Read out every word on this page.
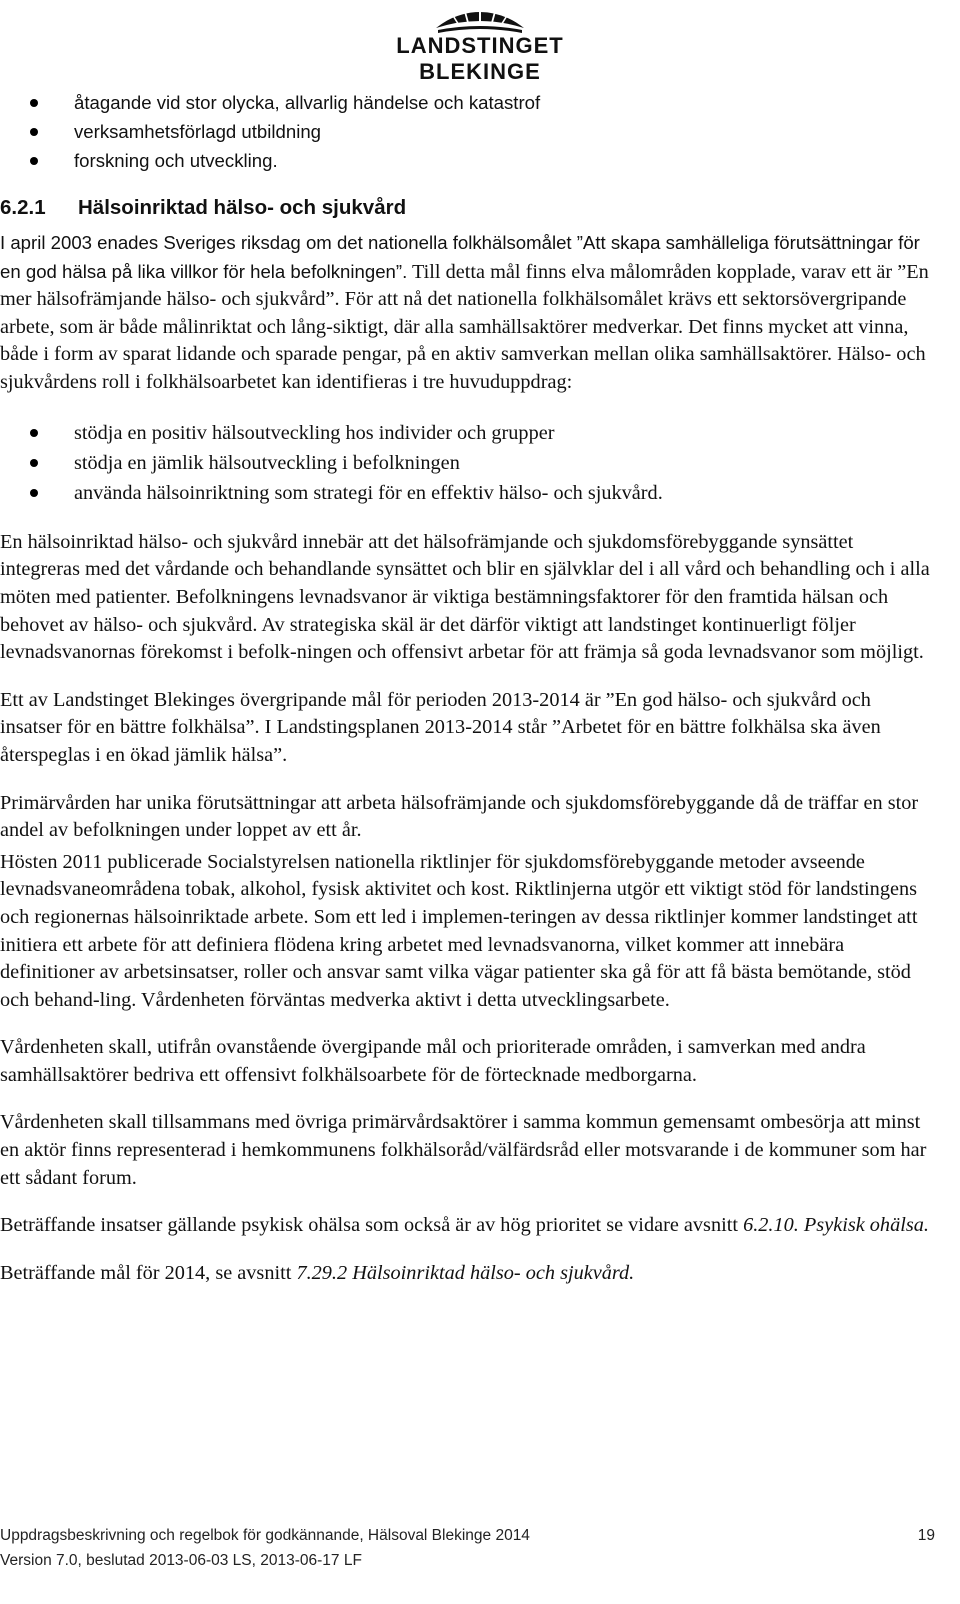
LANDSTINGET BLEKINGE
åtagande vid stor olycka, allvarlig händelse och katastrof
verksamhetsförlagd utbildning
forskning och utveckling.
6.2.1 Hälsoinriktad hälso- och sjukvård

I april 2003 enades Sveriges riksdag om det nationella folkhälsomålet ”Att skapa samhälleliga förutsättningar för en god hälsa på lika villkor för hela befolkningen”. Till detta mål finns elva målområden kopplade, varav ett är ”En mer hälsofrämjande hälso- och sjukvård”. För att nå det nationella folkhälsomålet krävs ett sektorsövergripande arbete, som är både målinriktat och lång-siktigt, där alla samhällsaktörer medverkar. Det finns mycket att vinna, både i form av sparat lidande och sparade pengar, på en aktiv samverkan mellan olika samhällsaktörer. Hälso- och sjukvårdens roll i folkhälsoarbetet kan identifieras i tre huvuduppdrag:

stödja en positiv hälsoutveckling hos individer och grupper
stödja en jämlik hälsoutveckling i befolkningen
använda hälsoinriktning som strategi för en effektiv hälso- och sjukvård.

En hälsoinriktad hälso- och sjukvård innebär att det hälsofrämjande och sjukdomsförebyggande synsättet integreras med det vårdande och behandlande synsättet och blir en självklar del i all vård och behandling och i alla möten med patienter. Befolkningens levnadsvanor är viktiga bestämningsfaktorer för den framtida hälsan och behovet av hälso- och sjukvård. Av strategiska skäl är det därför viktigt att landstinget kontinuerligt följer levnadsvanornas förekomst i befolk-ningen och offensivt arbetar för att främja så goda levnadsvanor som möjligt.

Ett av Landstinget Blekinges övergripande mål för perioden 2013-2014 är ”En god hälso- och sjukvård och insatser för en bättre folkhälsa”. I Landstingsplanen 2013-2014 står ”Arbetet för en bättre folkhälsa ska även återspeglas i en ökad jämlik hälsa”.

Primärvården har unika förutsättningar att arbeta hälsofrämjande och sjukdomsförebyggande då de träffar en stor andel av befolkningen under loppet av ett år.

Hösten 2011 publicerade Socialstyrelsen nationella riktlinjer för sjukdomsförebyggande metoder avseende levnadsvaneområdena tobak, alkohol, fysisk aktivitet och kost. Riktlinjerna utgör ett viktigt stöd för landstingens och regionernas hälsoinriktade arbete. Som ett led i implemen-teringen av dessa riktlinjer kommer landstinget att initiera ett arbete för att definiera flödena kring arbetet med levnadsvanorna, vilket kommer att innebära definitioner av arbetsinsatser, roller och ansvar samt vilka vägar patienter ska gå för att få bästa bemötande, stöd och behand-ling. Vårdenheten förväntas medverka aktivt i detta utvecklingsarbete.

Vårdenheten skall, utifrån ovanstående övergipande mål och prioriterade områden, i samverkan med andra samhällsaktörer bedriva ett offensivt folkhälsoarbete för de förtecknade medborgarna.

Vårdenheten skall tillsammans med övriga primärvårdsaktörer i samma kommun gemensamt ombesörja att minst en aktör finns representerad i hemkommunens folkhälsoråd/välfärdsråd eller motsvarande i de kommuner som har ett sådant forum.

Beträffande insatser gällande psykisk ohälsa som också är av hög prioritet se vidare avsnitt 6.2.10. Psykisk ohälsa.

Beträffande mål för 2014, se avsnitt 7.29.2 Hälsoinriktad hälso- och sjukvård.

Uppdragsbeskrivning och regelbok för godkännande, Hälsoval Blekinge 2014
Version 7.0, beslutad 2013-06-03 LS, 2013-06-17 LF
19
